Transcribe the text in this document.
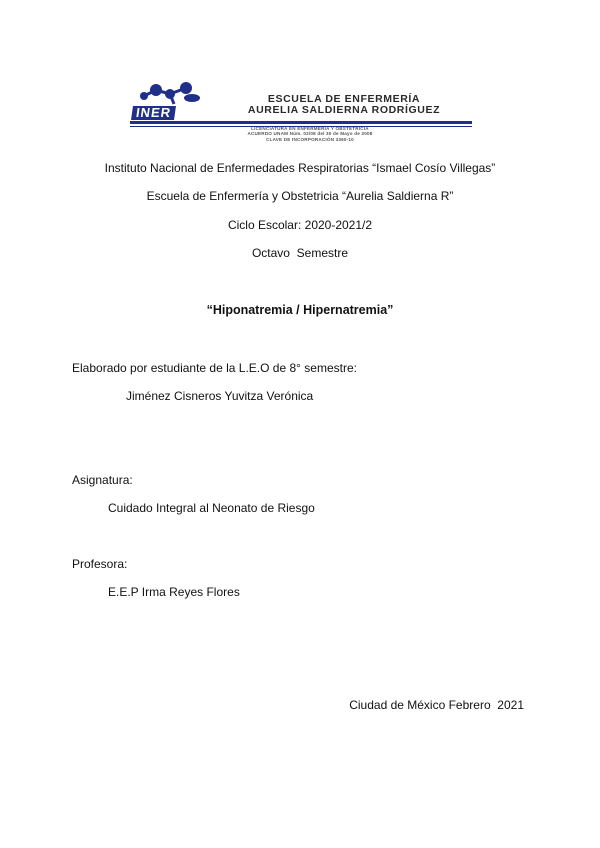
INER
ESCUELA DE ENFERMERÍA
AURELIA SALDIERNA RODRÍGUEZ
LICENCIATURA EN ENFERMERÍA Y OBSTETRICIA
ACUERDO UNAM Núm. 02/08 del 30 de Mayo de 2008
CLAVE DE INCORPORACIÓN 3360-10
Instituto Nacional de Enfermedades Respiratorias “Ismael Cosío Villegas”
Escuela de Enfermería y Obstetricia “Aurelia Saldierna R”
Ciclo Escolar: 2020-2021/2
Octavo  Semestre
“Hiponatremia / Hipernatremia”
Elaborado por estudiante de la L.E.O de 8° semestre:
Jiménez Cisneros Yuvitza Verónica
Asignatura:
Cuidado Integral al Neonato de Riesgo
Profesora:
E.E.P Irma Reyes Flores
Ciudad de México Febrero  2021
